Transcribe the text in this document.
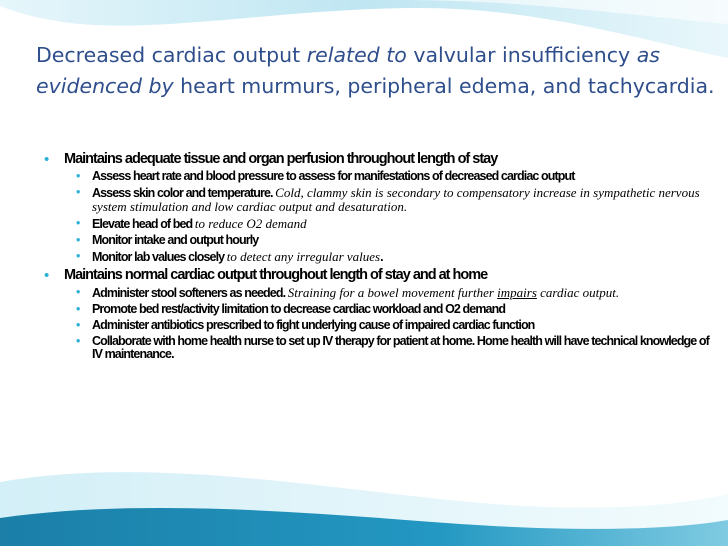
Decreased cardiac output related to valvular insufficiency as evidenced by heart murmurs, peripheral edema, and tachycardia.
• Maintains adequate tissue and organ perfusion throughout length of stay
• Assess heart rate and blood pressure to assess for manifestations of decreased cardiac output
• Assess skin color and temperature. Cold, clammy skin is secondary to compensatory increase in sympathetic nervous system stimulation and low cardiac output and desaturation.
• Elevate head of bed to reduce O2 demand
• Monitor intake and output hourly
• Monitor lab values closely to detect any irregular values.
• Maintains normal cardiac output throughout length of stay and at home
• Administer stool softeners as needed. Straining for a bowel movement further impairs cardiac output.
• Promote bed rest/activity limitation to decrease cardiac workload and O2 demand
• Administer antibiotics prescribed to fight underlying cause of impaired cardiac function
• Collaborate with home health nurse to set up IV therapy for patient at home. Home health will have technical knowledge of IV maintenance.
